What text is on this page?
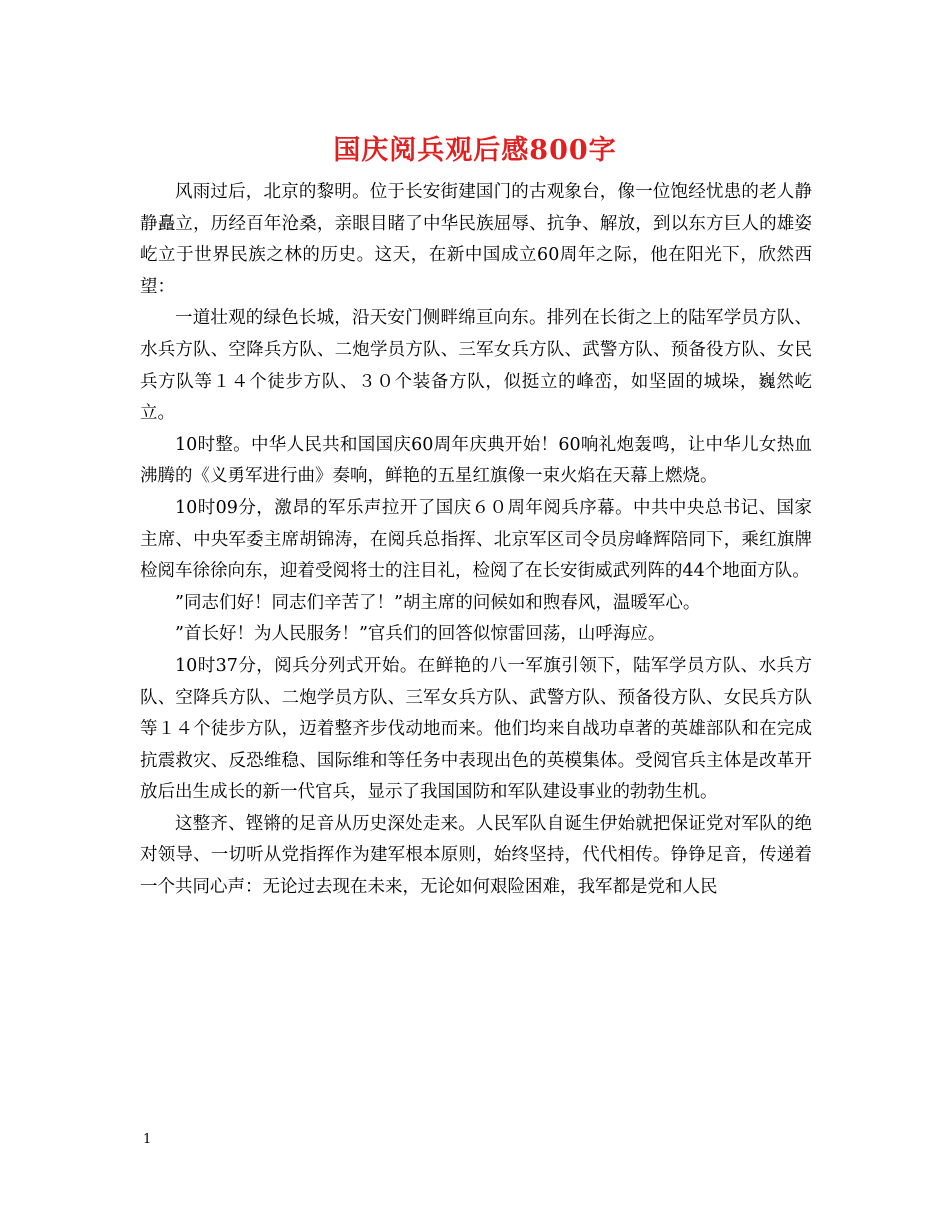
国庆阅兵观后感800字

风雨过后，北京的黎明。位于长安街建国门的古观象台，像一位饱经忧患的老人静静矗立，历经百年沧桑，亲眼目睹了中华民族屈辱、抗争、解放，到以东方巨人的雄姿屹立于世界民族之林的历史。这天，在新中国成立60周年之际，他在阳光下，欣然西望：

一道壮观的绿色长城，沿天安门侧畔绵亘向东。排列在长街之上的陆军学员方队、水兵方队、空降兵方队、二炮学员方队、三军女兵方队、武警方队、预备役方队、女民兵方队等１４个徒步方队、３０个装备方队，似挺立的峰峦，如坚固的城垛，巍然屹立。

10时整。中华人民共和国国庆60周年庆典开始！60响礼炮轰鸣，让中华儿女热血沸腾的《义勇军进行曲》奏响，鲜艳的五星红旗像一束火焰在天幕上燃烧。

10时09分，激昂的军乐声拉开了国庆６０周年阅兵序幕。中共中央总书记、国家主席、中央军委主席胡锦涛，在阅兵总指挥、北京军区司令员房峰辉陪同下，乘红旗牌检阅车徐徐向东，迎着受阅将士的注目礼，检阅了在长安街威武列阵的44个地面方队。

”同志们好！同志们辛苦了！”胡主席的问候如和煦春风，温暖军心。

”首长好！为人民服务！”官兵们的回答似惊雷回荡，山呼海应。

10时37分，阅兵分列式开始。在鲜艳的八一军旗引领下，陆军学员方队、水兵方队、空降兵方队、二炮学员方队、三军女兵方队、武警方队、预备役方队、女民兵方队等１４个徒步方队，迈着整齐步伐动地而来。他们均来自战功卓著的英雄部队和在完成抗震救灾、反恐维稳、国际维和等任务中表现出色的英模集体。受阅官兵主体是改革开放后出生成长的新一代官兵，显示了我国国防和军队建设事业的勃勃生机。

这整齐、铿锵的足音从历史深处走来。人民军队自诞生伊始就把保证党对军队的绝对领导、一切听从党指挥作为建军根本原则，始终坚持，代代相传。铮铮足音，传递着一个共同心声：无论过去现在未来，无论如何艰险困难，我军都是党和人民

1
